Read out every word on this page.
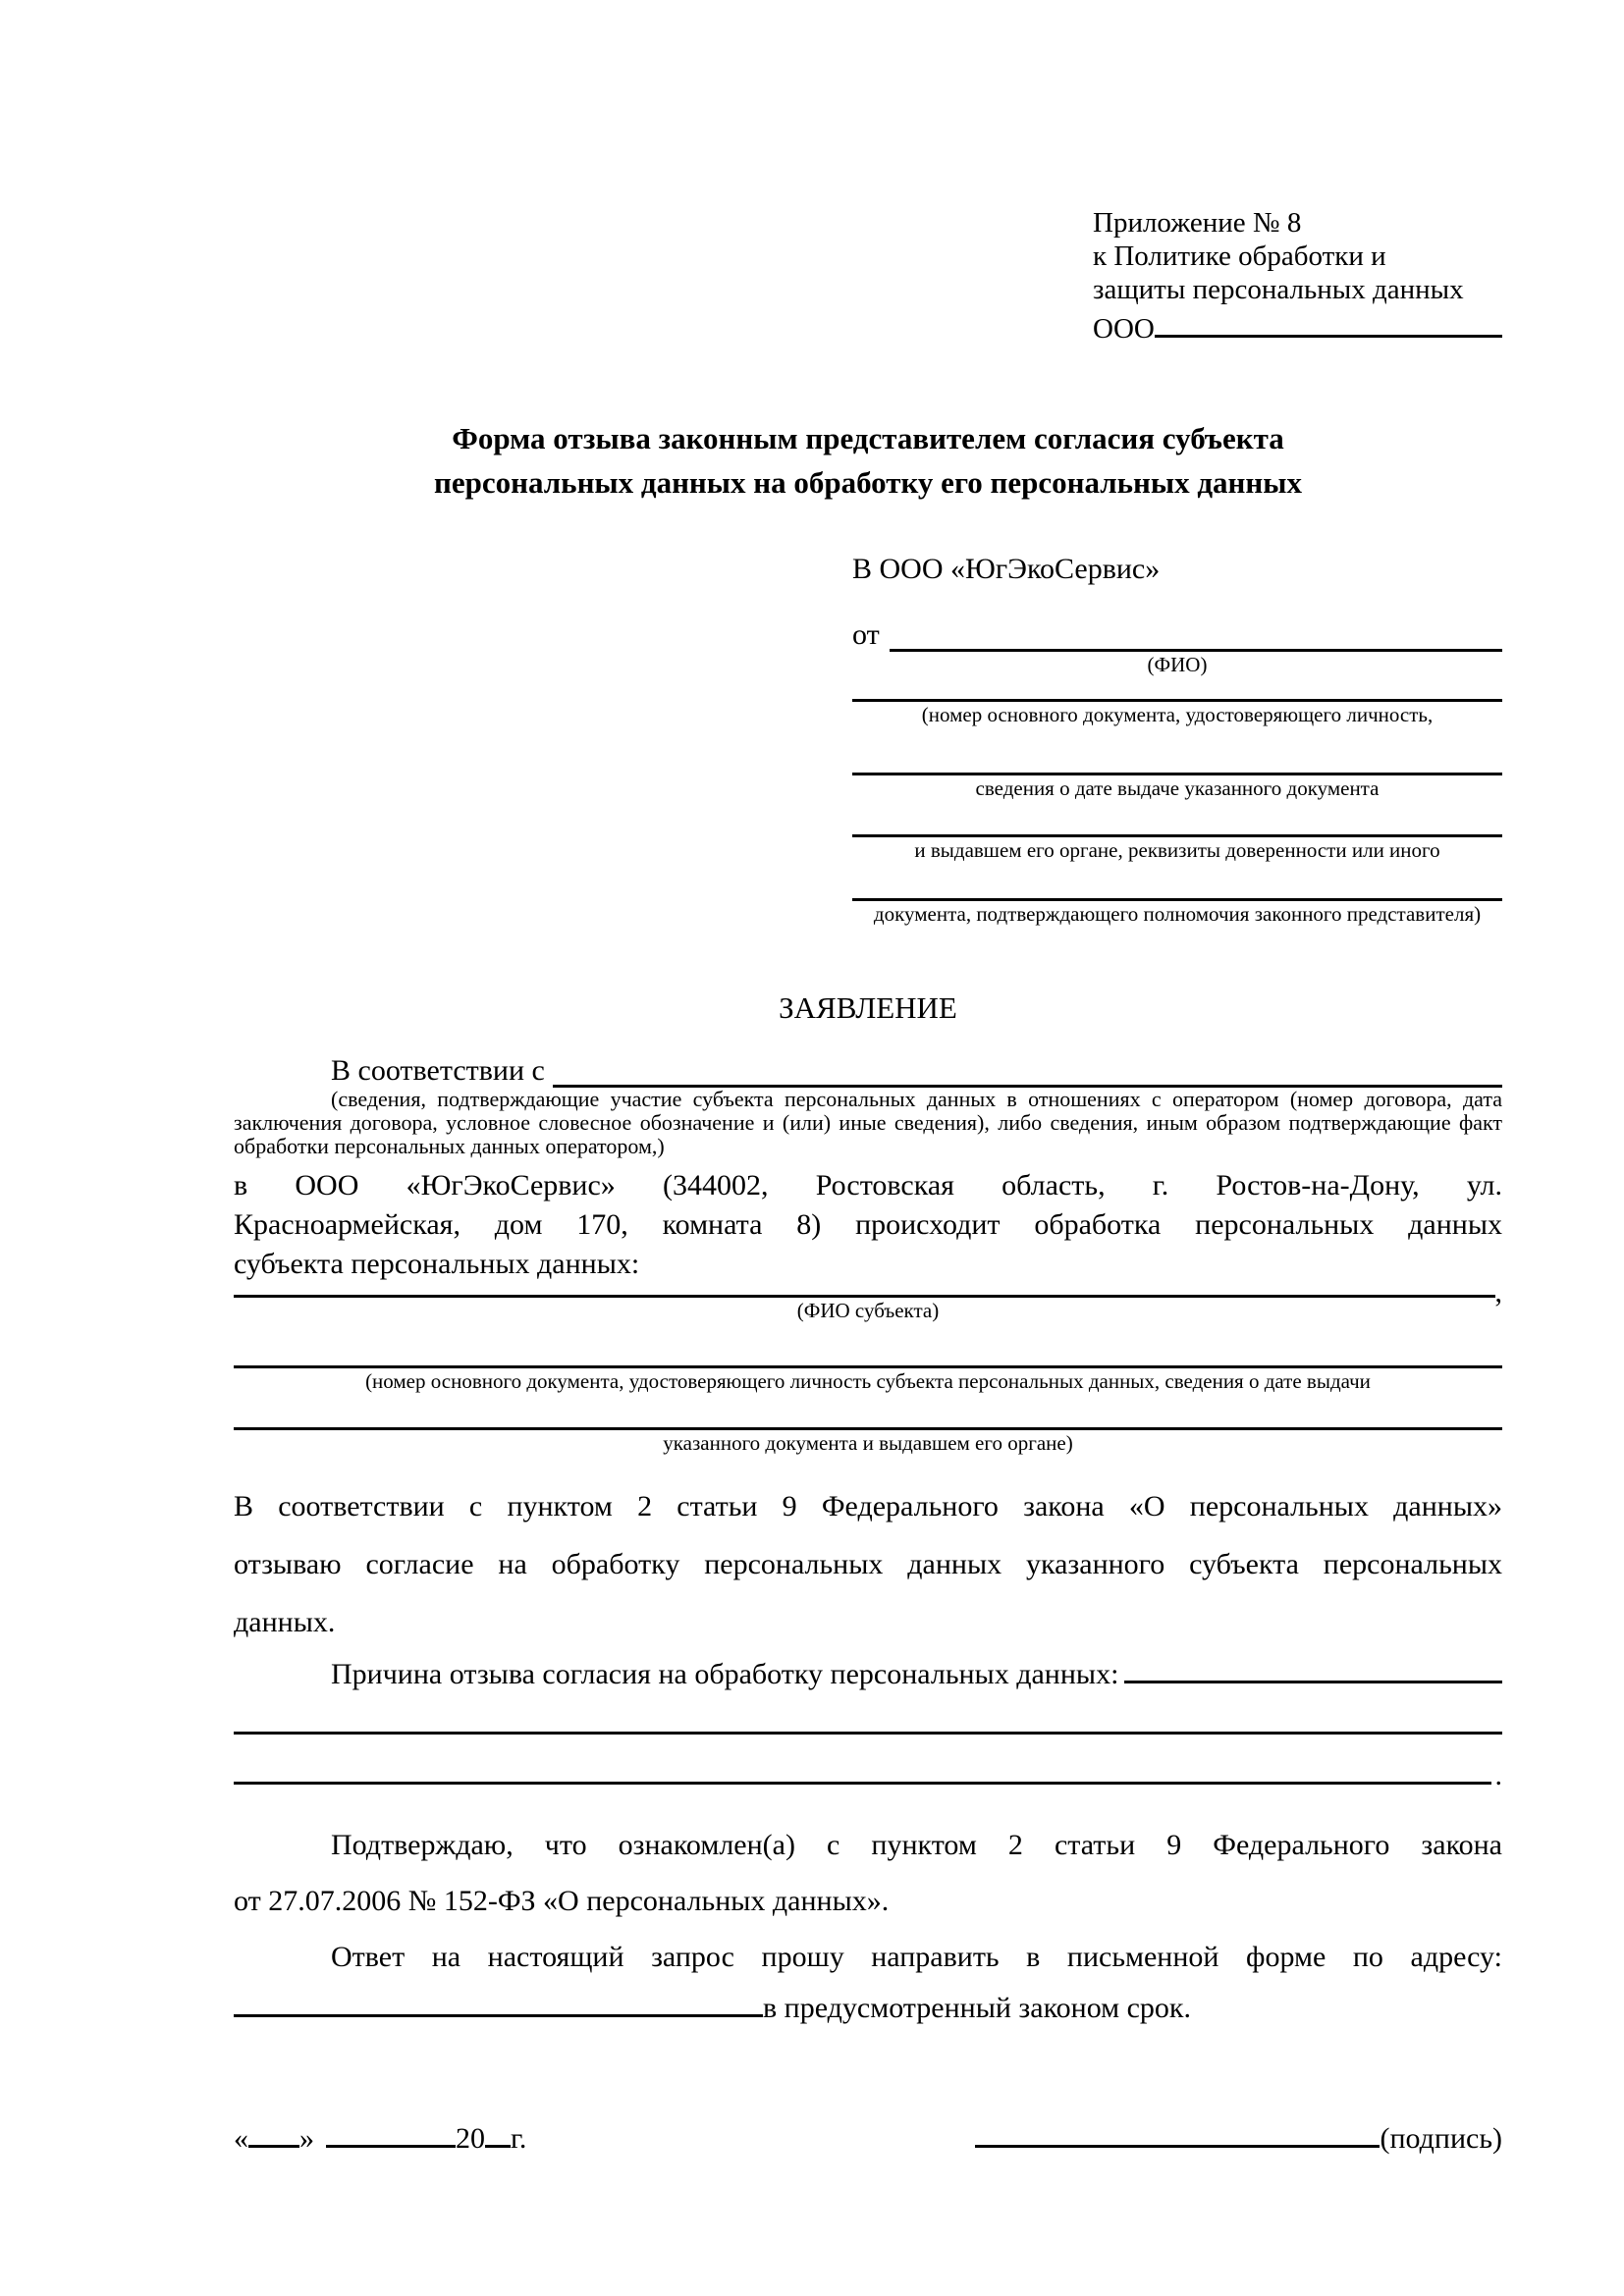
Приложение № 8
к Политике обработки и
защиты персональных данных
ООО
Форма отзыва законным представителем согласия субъекта
персональных данных на обработку его персональных данных
В ООО «ЮгЭкоСервис»
от
(ФИО)
(номер основного документа, удостоверяющего личность,
сведения о дате выдаче указанного документа
и выдавшем его органе, реквизиты доверенности или иного
документа, подтверждающего полномочия законного представителя)
ЗАЯВЛЕНИЕ
В соответствии с
(сведения, подтверждающие участие субъекта персональных данных в отношениях с оператором (номер договора, дата
заключения договора, условное словесное обозначение и (или) иные сведения), либо сведения, иным образом подтверждающие факт
обработки персональных данных оператором,)
в ООО «ЮгЭкоСервис» (344002, Ростовская область, г. Ростов-на-Дону, ул.
Красноармейская, дом 170, комната 8) происходит обработка персональных данных
субъекта персональных данных:
,
(ФИО субъекта)
(номер основного документа, удостоверяющего личность субъекта персональных данных, сведения о дате выдачи
указанного документа и выдавшем его органе)
В соответствии с пунктом 2 статьи 9 Федерального закона «О персональных данных»
отзываю согласие на обработку персональных данных указанного субъекта персональных
данных.
Причина отзыва согласия на обработку персональных данных:
.
Подтверждаю, что ознакомлен(а) с пунктом 2 статьи 9 Федерального закона
от 27.07.2006 № 152-ФЗ «О персональных данных».
Ответ на настоящий запрос прошу направить в письменной форме по адресу:
в предусмотренный законом срок.
« »	20 г.	(подпись)
